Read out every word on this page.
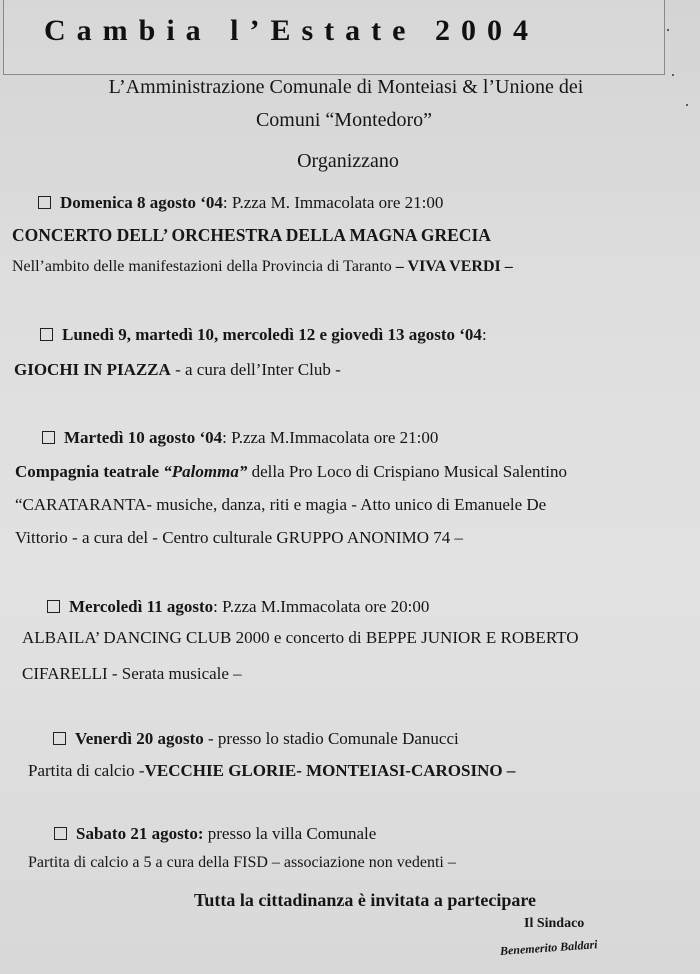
Cambia l’Estate 2004
L’Amministrazione Comunale di Monteiasi & l’Unione dei
Comuni “Montedoro”
Organizzano
Domenica 8 agosto ‘04: P.zza M. Immacolata ore 21:00
CONCERTO DELL’ ORCHESTRA DELLA MAGNA GRECIA
Nell’ambito delle manifestazioni della Provincia di Taranto – VIVA VERDI –
Lunedì 9, martedì 10, mercoledì 12 e giovedì 13 agosto ‘04:
GIOCHI IN PIAZZA - a cura dell’Inter Club -
Martedì 10 agosto ‘04: P.zza M.Immacolata ore 21:00
Compagnia teatrale “Palomma” della Pro Loco di Crispiano Musical Salentino
“CARATARANTA- musiche, danza, riti e magia - Atto unico di Emanuele De
Vittorio - a cura del - Centro culturale GRUPPO ANONIMO 74 –
Mercoledì 11 agosto: P.zza M.Immacolata ore 20:00
ALBAILA’ DANCING CLUB 2000 e concerto di BEPPE JUNIOR E ROBERTO
CIFARELLI - Serata musicale –
Venerdì 20 agosto - presso lo stadio Comunale Danucci
Partita di calcio -VECCHIE GLORIE- MONTEIASI-CAROSINO –
Sabato 21 agosto: presso la villa Comunale
Partita di calcio a 5 a cura della FISD – associazione non vedenti –
Tutta la cittadinanza è invitata a partecipare
Il Sindaco
Benemerito Baldari
